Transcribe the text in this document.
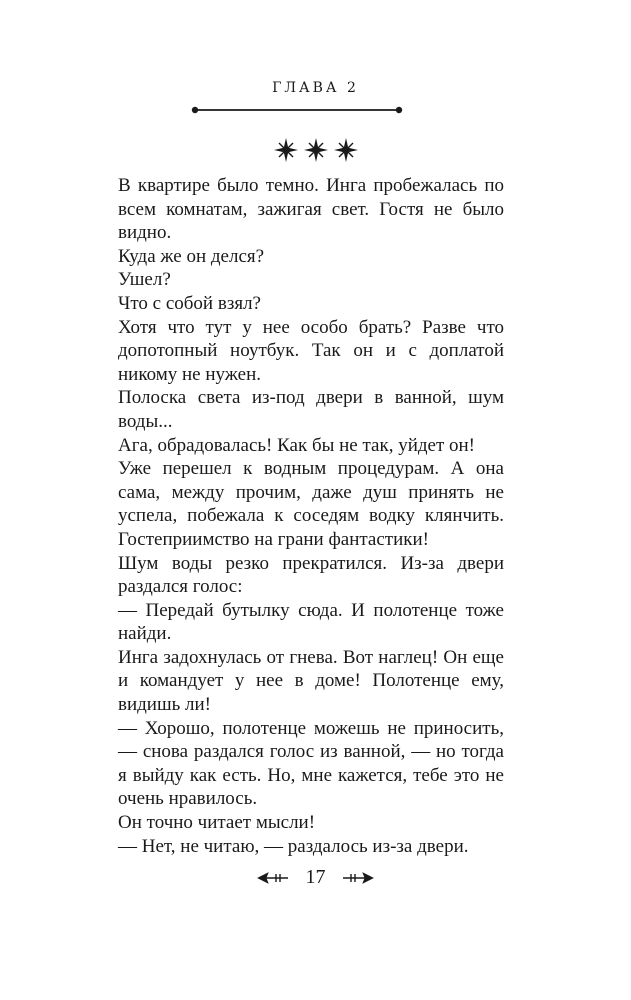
ГЛАВА 2

В квартире было темно. Инга пробежалась по всем комнатам, зажигая свет. Гостя не было видно.

Куда же он делся?

Ушел?

Что с собой взял?

Хотя что тут у нее особо брать? Разве что допотопный ноутбук. Так он и с доплатой никому не нужен.

Полоска света из-под двери в ванной, шум воды...

Ага, обрадовалась! Как бы не так, уйдет он!

Уже перешел к водным процедурам. А она сама, между прочим, даже душ принять не успела, побежала к соседям водку клянчить. Гостеприимство на грани фантастики!

Шум воды резко прекратился. Из-за двери раздался голос:

— Передай бутылку сюда. И полотенце тоже найди.

Инга задохнулась от гнева. Вот наглец! Он еще и командует у нее в доме! Полотенце ему, видишь ли!

— Хорошо, полотенце можешь не приносить, — снова раздался голос из ванной, — но тогда я выйду как есть. Но, мне кажется, тебе это не очень нравилось.

Он точно читает мысли!

— Нет, не читаю, — раздалось из-за двери.

17
